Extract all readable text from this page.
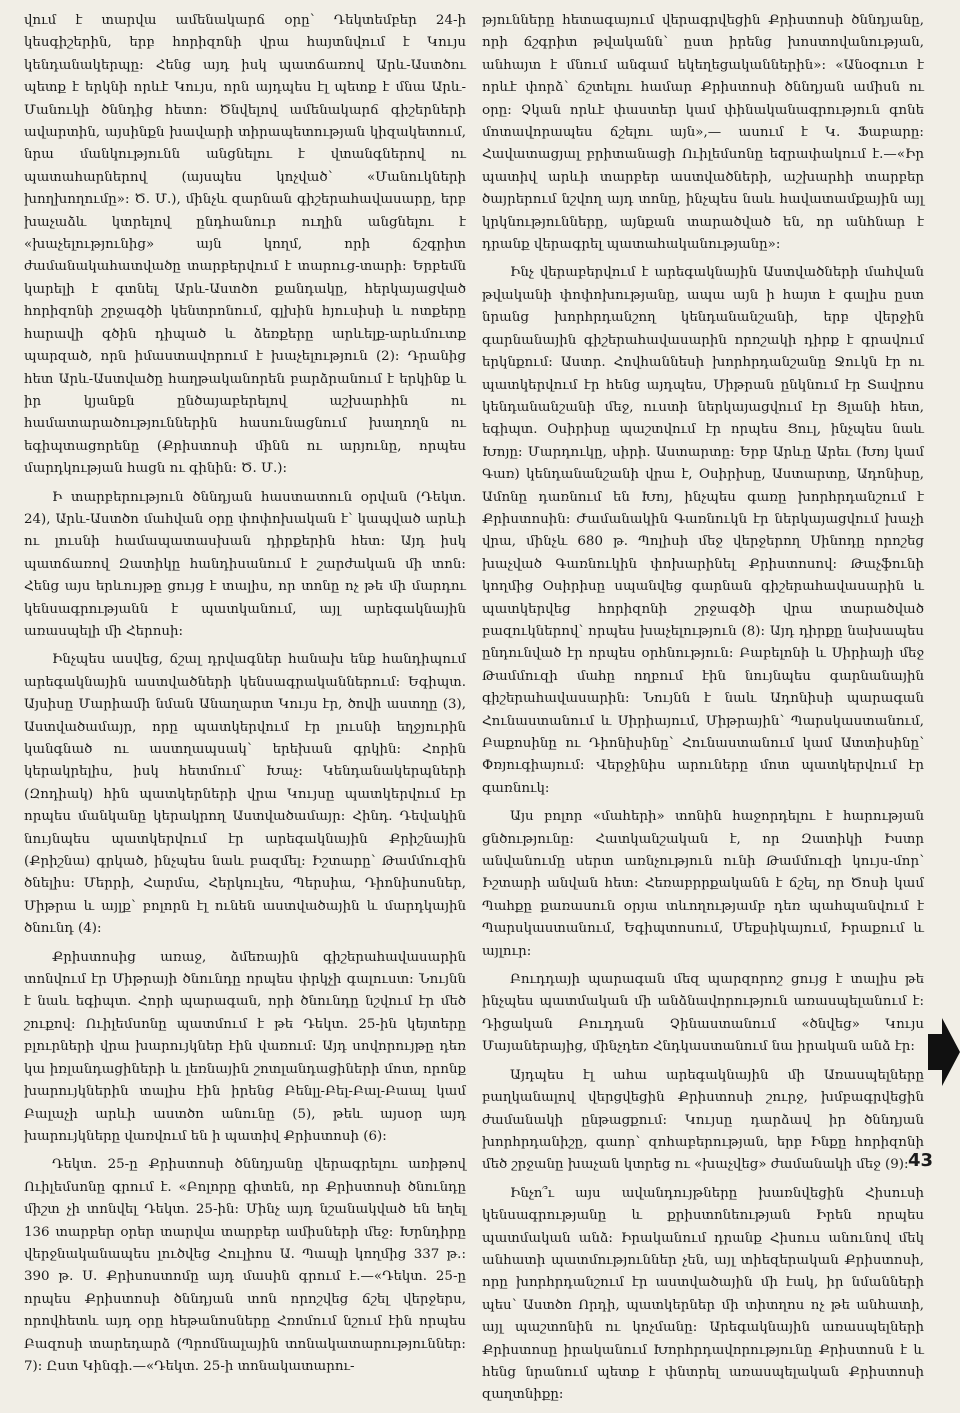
վում է տարվա ամենակարճ օրը՝ Դեկտեմբեր 24-ի կեսգիշերին, երբ հորիզոնի վրա հայտնվում է Կույս կենդանակերպը։ Հենց այդ իսկ պատճառով Արև-Աստծու պետք է երկնի որևէ Կույս, որն այդպես էլ պետք է մնա Արև-Մանուկի ծննդից հետո։ Ծնվելով ամենակարճ գիշերների ավարտին, այսինքն խավարի տիրապետության կիզակետում, նրա մանկությունն անցնելու է վտանգներով ու պատահարներով (այսպես կոչված՝ «Մանուկների խողխողումը»։ Ծ. Մ.), մինչև զարնան գիշերահավասարը, երբ խաչաձև կտրելով ընդհանուր ուղին անցնելու է «խաչելությունից» այն կողմ, որի ճշգրիտ ժամանակահատվածը տարբերվում է տարուց-տարի։ Երբեմն կարելի է գտնել Արև-Աստծո քանդակը, հերկայացված հորիզոնի շրջագծի կենտրոնում, գլխին հյուսիսի և ոտքերը հարավի գծին դիպած և ձեռքերը արևելք-արևմուտք պարզած, որն իմաստավորում է խաչելություն (2)։ Դրանից հետ Արև-Աստվածը հաղթականորեն բարձրանում է երկինք և իր կյանքն ընծայաբերելով աշխարհին ու համատարածություններին հասունացնում խաղողն ու եգիպտացորենը (Քրիստոսի մինն ու արյունը, որպես մարդկության հացն ու գինին։ Ծ. Մ.)։

Ի տարբերություն ծննդյան հաստատուն օրվան (Դեկտ. 24), Արև-Աստծո մահվան օրը փոփոխական է՝ կապված արևի ու լուսնի համապատասխան դիրքերին հետ։ Այդ իսկ պատճառով Զատիկը հանդիսանում է շարժական մի տոն։ Հենց այս երևույթը ցույց է տալիս, որ տոնը ոչ թե մի մարդու կենսագրությանն է պատկանում, այլ արեգակնային առասպելի մի Հերոսի։

Ինչպես ասվեց, ճշալ դրվագներ հանախ ենք հանդիպում արեգակնային աստվածների կենսագրականներում։ Եգիպտ. Այսիսը Մարիամի նման Անաղարտ Կույս էր, ծովի աստղը (3), Աստվածամայր, որը պատկերվում էր լուսնի եղջյուրին կանգնած ու աստղապսակ՝ երեխան գրկին։ Հորին կերակրելիս, իսկ հետմում՝ Խաչ։ Կենդանակերպների (Զոդիակ) հին պատկերների վրա Կույսը պատկերվում էր որպես մանկանը կերակրող Աստվածամայր։ Հինդ. Դեվակին նույնպես պատկերվում էր արեգակնային Քրիշնային (Քրիշնա) գրկած, ինչպես նաև բազմել։ Իշտարը՝ Թամմուզին ծնելիս։ Մերրի, Հարմա, Հերկուլես, Պերսիա, Դիոնիսոսներ, Միթրա և այլք՝ բոլորն էլ ունեն աստվածային և մարդկային ծնունդ (4)։

Քրիստոսից առաջ, ձմեռային գիշերահավասարին տոնվում էր Միթրայի ծնունդը որպես փրկչի գալուստ։ Նույնն է նաև եգիպտ. Հորի պարագան, որի ծնունդը նշվում էր մեծ շուքով։ Ուիլեմսոնը պատմում է թե Դեկտ. 25-ին կեյտերը բլուրների վրա խարույկներ էին վառում։ Այդ սովորույթը դեռ կա իռլանդացիների և լեռնային շոտլանդացիների մոտ, որոնք խարույկներին տալիս էին իրենց Բենլլ-Բել-Բալ-Բաալ կամ Բալաչի արևի աստծո անունը (5), թեև այսօր այդ խարույկները վառվում են ի պատիվ Քրիստոսի (6)։

Դեկտ. 25-ը Քրիստոսի ծննդյանը վերագրելու առիթով Ուիլեմսոնը գրում է. «Բոլորը գիտեն, որ Քրիստոսի ծնունդը միշտ չի տոնվել Դեկտ. 25-ին։ Մինչ այդ նշանակված են եղել 136 տարբեր օրեր տարվա տարբեր ամիսների մեջ։ Խրնդիրը վերջնականապես լուծվեց Հուլիոս Ա. Պապի կողմից 337 թ.։ 390 թ. Ս. Քրիսոստոմը այդ մասին գրում է.—«Դեկտ. 25-ը որպես Քրիստոսի ծննդյան տոն որոշվեց ճշել վերջերս, որովհետև այդ օրը հեթանոսները Հռոմում նշում էին որպես Բազոսի տարեդարձ (Պրոմնալային տոնակատարություններ։ 7)։ Ըստ Կինգի.—«Դեկտ. 25-ի տոնակատարու-

թյունները հետագայում վերագրվեցին Քրիստոսի ծննդյանը, որի ճշգրիտ թվականն՝ ըստ իրենց խոստովանության, անհայտ է մնում անգամ եկեղեցականներին»։ «Անօգուտ է որևէ փորձ՝ ճշտելու համար Քրիստոսի ծննդյան ամիսն ու օրը։ Չկան որևէ փաստեր կամ փինականագրություն գոնե մոտավորապես ճշելու այն»,— ասում է Կ. Ֆաբարը։ Հավատացյալ բրիտանացի Ուիլեմսոնը եզրափակում է.—«Իր պատիվ արևի տարբեր աստվածների, աշխարհի տարբեր ծայրերում նշվող այդ տոնը, ինչպես նաև հավատամքային այլ կրկնությունները, այնքան տարածված են, որ անհնար է դրանք վերագրել պատահականությանը»։

Ինչ վերաբերվում է արեգակնային Աստվածների մահվան թվականի փոփոխությանը, ապա այն ի հայտ է գալիս ըստ նրանց խորհրդանշող կենդանանշանի, երբ վերջին գարնանային գիշերահավասարին որոշակի դիրք է գրավում երկնքում։ Աստր. Հովհաննեսի խորհրդանշանը Ջուկն էր ու պատկերվում էր հենց այդպես, Միթրան ընկնում էր Տավրոս կենդանանշանի մեջ, ուստի ներկայացվում էր Ցլանի հետ, եգիպտ. Օսիրիսը պաշտվում էր որպես Ցուլ, ինչպես նաև Խոյը։ Մարդուկը, սիրի. Աստարտը։ Երբ Արևը Արեւ (Խոյ կամ Գառ) կենդանանշանի վրա է, Օսիրիսը, Աստարտը, Ադոնիսը, Ամոնը դառնում են Խոյ, ինչպես գառը խորհրդանշում է Քրիստոսին։ Ժամանակին Գառնուկն էր ներկայացվում խաչի վրա, մինչև 680 թ. Պոլիսի մեջ վերջերող Սինոդը որոշեց խաչված Գառնուկին փոխարինել Քրիստոսով։ Թաչֆունի կողմից Օսիրիսը սպանվեց գարնան գիշերահավասարին և պատկերվեց հորիզոնի շրջագծի վրա տարածված բազուկներով՝ որպես խաչելություն (8)։ Այդ դիրքը նախապես ընդունված էր որպես օրհնություն։ Բաբելոնի և Սիրիայի մեջ Թամմուզի մահը ողբում էին նույնպես գարնանային գիշերահավասարին։ Նույնն է նաև Ադոնիսի պարագան Հունաստանում և Սիրիայում, Միթրային՝ Պարսկաստանում, Բաքոսինը ու Դիոնիսինը՝ Հունաստանում կամ Ատտիսինը՝ Փռյուգիայում։ Վերջինիս արուները մոտ պատկերվում էր գառնուկ։

Այս բոլոր «մահերի» տոնին հաջորդելու է հարության ցնծությունը։ Հատկանշական է, որ Զատիկի Իստր անվանումը սերտ առնչություն ունի Թամմուզի կույս-մոր՝ Իշտարի անվան հետ։ Հեռաբրրքականն է ճշել, որ Ծոսի կամ Պահքը քառասուն օրյա տևողությամբ դեռ պահպանվում է Պարսկաստանում, Եգիպտոսում, Մեքսիկայում, Իրաքում և այլուր։

Բուդդայի պարագան մեզ պարզորոշ ցույց է տալիս թե ինչպես պատմական մի անձնավորություն առասպելանում է։ Դիցական Բուդդան Չինաստանում «ծնվեց» Կույս Մայաներայից, մինչդեռ Հնդկաստանում նա իրական անձ էր։

Այդպես էլ ահա արեգակնային մի Առասպելները բաղկանալով վերցվեցին Քրիստոսի շուրջ, խմբագրվեցին ժամանակի ընթացքում։ Կույսը դարձավ իր ծննդյան խորհրդանիշը, գաոր՝ զոհաբերության, երբ Ինքը հորիզոնի մեծ շրջանը խաչան կտրեց ու «խաչվեց» ժամանակի մեջ (9)։

Ինչո՞ւ այս ավանդույթները խառնվեցին Հիսուսի կենսագրությանը և քրիստոնեության Իրեն որպես պատմական անձ։ Իրականում դրանք Հիսուս անունով մեկ անհատի պատմություններ չեն, այլ տիեզերական Քրիստոսի, որը խորհրդանշում էր աստվածային մի էակ, իր նմանների պես՝ Աստծո Որդի, պատկերներ մի տիտղոս ոչ թե անհատի, այլ պաշտոնին ու կոչմանը։ Արեգակնային առասպելների Քրիստոսը իրականում Խորհրդավորությունը Քրիստոսն է և հենց նրանում պետք է փնտրել առասպելական Քրիստոսի զաղտնիքը։

43
